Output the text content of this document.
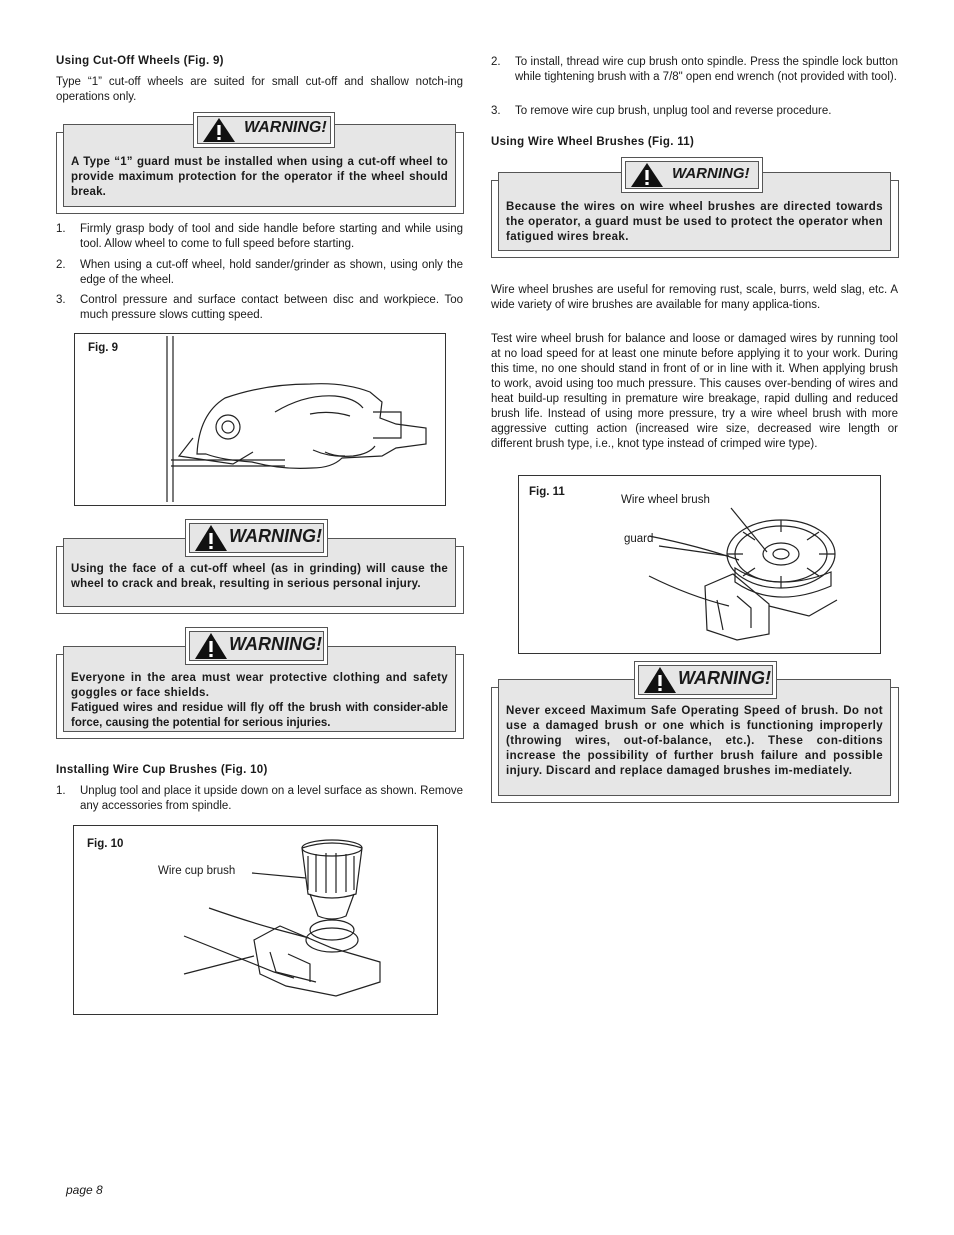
Using Cut-Off Wheels (Fig. 9)
Type “1” cut-off wheels are suited for small cut-off and shallow notch-ing operations only.
A Type “1” guard must be installed when using a cut-off wheel to provide maximum protection for the operator if the wheel should break.
WARNING!
1. Firmly grasp body of tool and side handle before starting and while using tool. Allow wheel to come to full speed before starting.
2. When using a cut-off wheel, hold sander/grinder as shown, using only the edge of the wheel.
3. Control pressure and surface contact between disc and workpiece. Too much pressure slows cutting speed.
Fig. 9
Using the face of a cut-off wheel (as in grinding) will cause the wheel to crack and break, resulting in serious personal injury.
WARNING!
Everyone in the area must wear protective clothing and safety goggles or face shields.
Fatigued wires and residue will fly off the brush with consider-able force, causing the potential for serious injuries.
WARNING!
Installing Wire Cup Brushes (Fig. 10)
1. Unplug tool and place it upside down on a level surface as shown. Remove any accessories from spindle.
Fig. 10
Wire cup brush
2. To install, thread wire cup brush onto spindle. Press the spindle lock button while tightening brush with a 7/8" open end wrench (not provided with tool).
3. To remove wire cup brush, unplug tool and reverse procedure.
Using Wire Wheel Brushes (Fig. 11)
Because the wires on wire wheel brushes are directed towards the operator, a guard must be used to protect the operator when fatigued wires break.
WARNING!
Wire wheel brushes are useful for removing rust, scale, burrs, weld slag, etc. A wide variety of wire brushes are available for many applica-tions.
Test wire wheel brush for balance and loose or damaged wires by running tool at no load speed for at least one minute before applying it to your work. During this time, no one should stand in front of or in line with it. When applying brush to work, avoid using too much pressure. This causes over-bending of wires and heat build-up resulting in premature wire breakage, rapid dulling and reduced brush life. Instead of using more pressure, try a wire wheel brush with more aggressive cutting action (increased wire size, decreased wire length or different brush type, i.e., knot type instead of crimped wire type).
Fig. 11
Wire wheel brush
guard
Never exceed Maximum Safe Operating Speed of brush. Do not use a damaged brush or one which is functioning improperly (throwing wires, out-of-balance, etc.). These con-ditions increase the possibility of further brush failure and possible injury. Discard and replace damaged brushes im-mediately.
WARNING!
page 8
